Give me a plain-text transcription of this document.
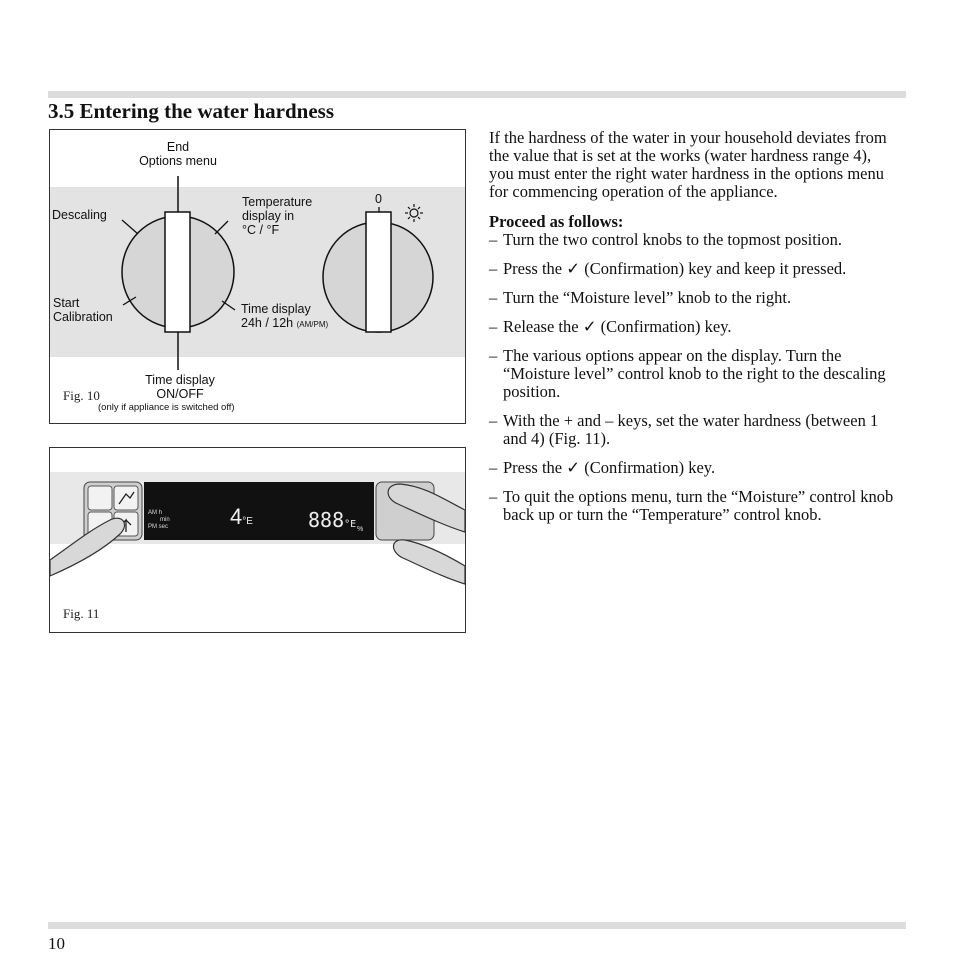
3.5 Entering the water hardness
End
Options menu
Descaling
Temperature
display in
°C / °F
Start
Calibration
Time display
24h / 12h (AM/PM)
Time display
ON/OFF
(only if appliance is switched off)
0
Fig. 10
4°E	888°E
AM h
min
PM sec	%
Fig. 11

If the hardness of the water in your household deviates from the value that is set at the works (water hardness range 4), you must enter the right water hardness in the options menu for commencing operation of the appliance.

Proceed as follows:

– Turn the two control knobs to the topmost position.
– Press the ✓ (Confirmation) key and keep it pressed.
– Turn the “Moisture level” knob to the right.
– Release the ✓ (Confirmation) key.
– The various options appear on the display. Turn the “Moisture level” control knob to the right to the descaling position.
– With the + and – keys, set the water hardness (between 1 and 4) (Fig. 11).
– Press the ✓ (Confirmation) key.
– To quit the options menu, turn the “Moisture” control knob back up or turn the “Temperature” control knob.
10
